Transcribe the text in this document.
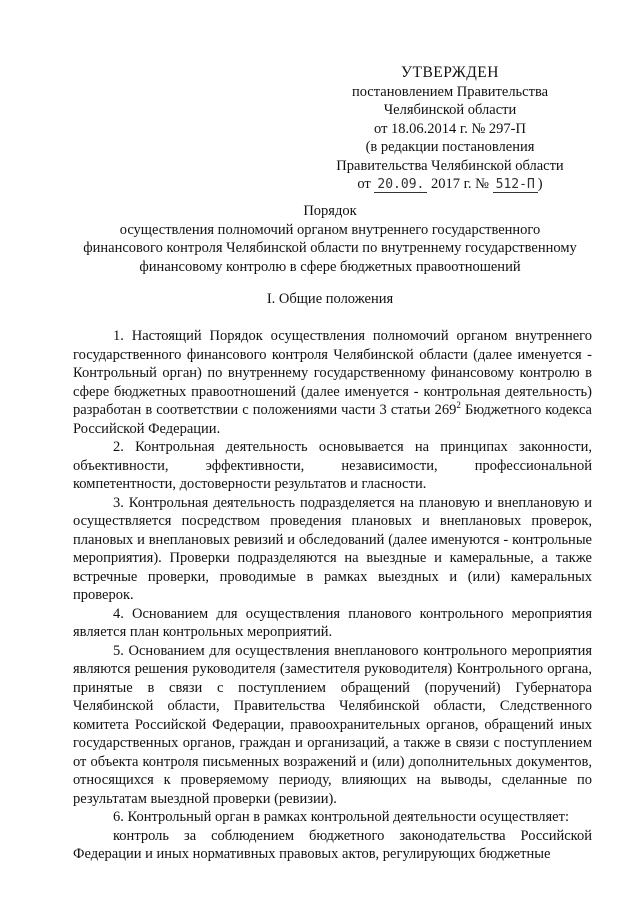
УТВЕРЖДЕН
постановлением Правительства
Челябинской области
от 18.06.2014 г. № 297-П
(в редакции постановления
Правительства Челябинской области
от 20.09. 2017 г. № 512-П )
Порядок
осуществления полномочий органом внутреннего государственного
финансового контроля Челябинской области по внутреннему государственному
финансовому контролю в сфере бюджетных правоотношений
I. Общие положения

1. Настоящий Порядок осуществления полномочий органом внутреннего государственного финансового контроля Челябинской области (далее именуется - Контрольный орган) по внутреннему государственному финансовому контролю в сфере бюджетных правоотношений (далее именуется - контрольная деятельность) разработан в соответствии с положениями части 3 статьи $269^2$ Бюджетного кодекса Российской Федерации.

2. Контрольная деятельность основывается на принципах законности, объективности, эффективности, независимости, профессиональной компетентности, достоверности результатов и гласности.

3. Контрольная деятельность подразделяется на плановую и внеплановую и осуществляется посредством проведения плановых и внеплановых проверок, плановых и внеплановых ревизий и обследований (далее именуются - контрольные мероприятия). Проверки подразделяются на выездные и камеральные, а также встречные проверки, проводимые в рамках выездных и (или) камеральных проверок.

4. Основанием для осуществления планового контрольного мероприятия является план контрольных мероприятий.

5. Основанием для осуществления внепланового контрольного мероприятия являются решения руководителя (заместителя руководителя) Контрольного органа, принятые в связи с поступлением обращений (поручений) Губернатора Челябинской области, Правительства Челябинской области, Следственного комитета Российской Федерации, правоохранительных органов, обращений иных государственных органов, граждан и организаций, а также в связи с поступлением от объекта контроля письменных возражений и (или) дополнительных документов, относящихся к проверяемому периоду, влияющих на выводы, сделанные по результатам выездной проверки (ревизии).

6. Контрольный орган в рамках контрольной деятельности осуществляет:

контроль за соблюдением бюджетного законодательства Российской Федерации и иных нормативных правовых актов, регулирующих бюджетные
